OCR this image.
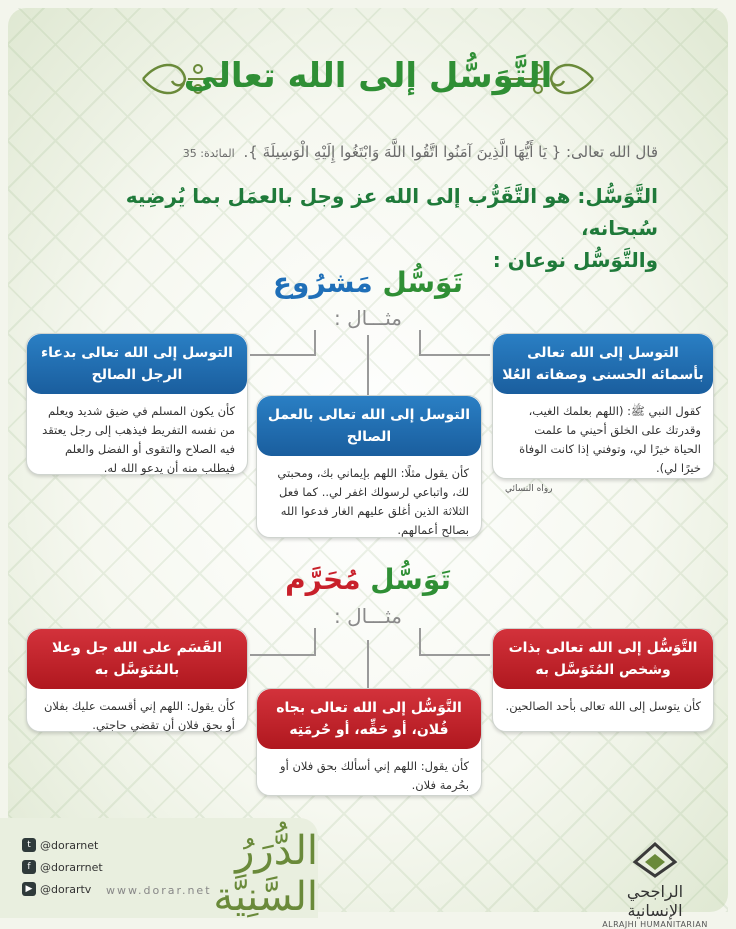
التَّوَسُّل إلى الله تعالى
قال الله تعالى: { يَا أَيُّهَا الَّذِينَ آمَنُوا اتَّقُوا اللَّهَ وَابْتَغُوا إِلَيْهِ الْوَسِيلَةَ }. المائدة: 35
التَّوَسُّل: هو التَّقَرُّب إلى الله عز وجل بالعمَل بما يُرضِيه سُبحانه،
والتَّوَسُّل نوعان :
تَوَسُّل مَشرُوع
مثـــال :
التوسل إلى الله تعالى بأسمائه الحسنى وصفاته العُلا
كقول النبي ﷺ: (اللهم بعلمك الغيب، وقدرتك على الخلق أحيني ما علمت الحياة خيرًا لي، وتوفني إذا كانت الوفاة خيرًا لي).
رواه النسائي
التوسل إلى الله تعالى بالعمل الصالح
كأن يقول مثلًا: اللهم بإيماني بك، ومحبتي لك، واتباعي لرسولك اغفر لي.. كما فعل الثلاثة الذين أغلق عليهم الغار فدعوا الله بصالح أعمالهم.
التوسل إلى الله تعالى بدعاء الرجل الصالح
كأن يكون المسلم في ضيق شديد ويعلم من نفسه التفريط فيذهب إلى رجل يعتقد فيه الصلاح والتقوى أو الفضل والعلم فيطلب منه أن يدعو الله له.
تَوَسُّل مُحَرَّم
مثـــال :
التَّوَسُّل إلى الله تعالى بذات وشخص المُتَوَسَّل به
كأن يتوسل إلى الله تعالى بأحد الصالحين.
التَّوَسُّل إلى الله تعالى بجاه فُلان، أو حَقِّه، أو حُرمَتِه
كأن يقول: اللهم إني أسألك بحق فلان أو بحُرمة فلان.
القَسَم على الله جل وعلا بالمُتَوَسَّل به
كأن يقول: اللهم إني أقسمت عليك بفلان أو بحق فلان أن تقضي حاجتي.
t @dorarnet
f @dorarrnet
▶ @dorartv
الدُّرَرُ السَّنِيَّة
www.dorar.net	الراجحي الإنسانية
ALRAJHI HUMANITARIAN
